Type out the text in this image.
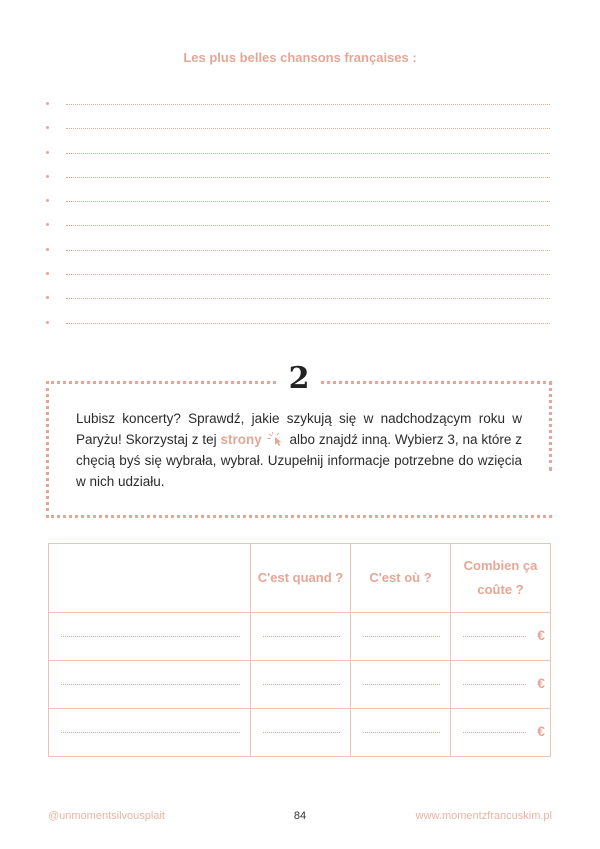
Les plus belles chansons françaises :
2
Lubisz koncerty? Sprawdź, jakie szykują się w nadchodzącym roku w Paryżu! Skorzystaj z tej strony  albo znajdź inną. Wybierz 3, na które z chęcią byś się wybrała, wybrał. Uzupełnij informacje potrzebne do wzięcia w nich udziału.
	C'est quand ?	C'est où ?	Combien ça coûte ?

			€

			€

			€
@unmomentsilvousplait	84	www.momentzfrancuskim.pl
